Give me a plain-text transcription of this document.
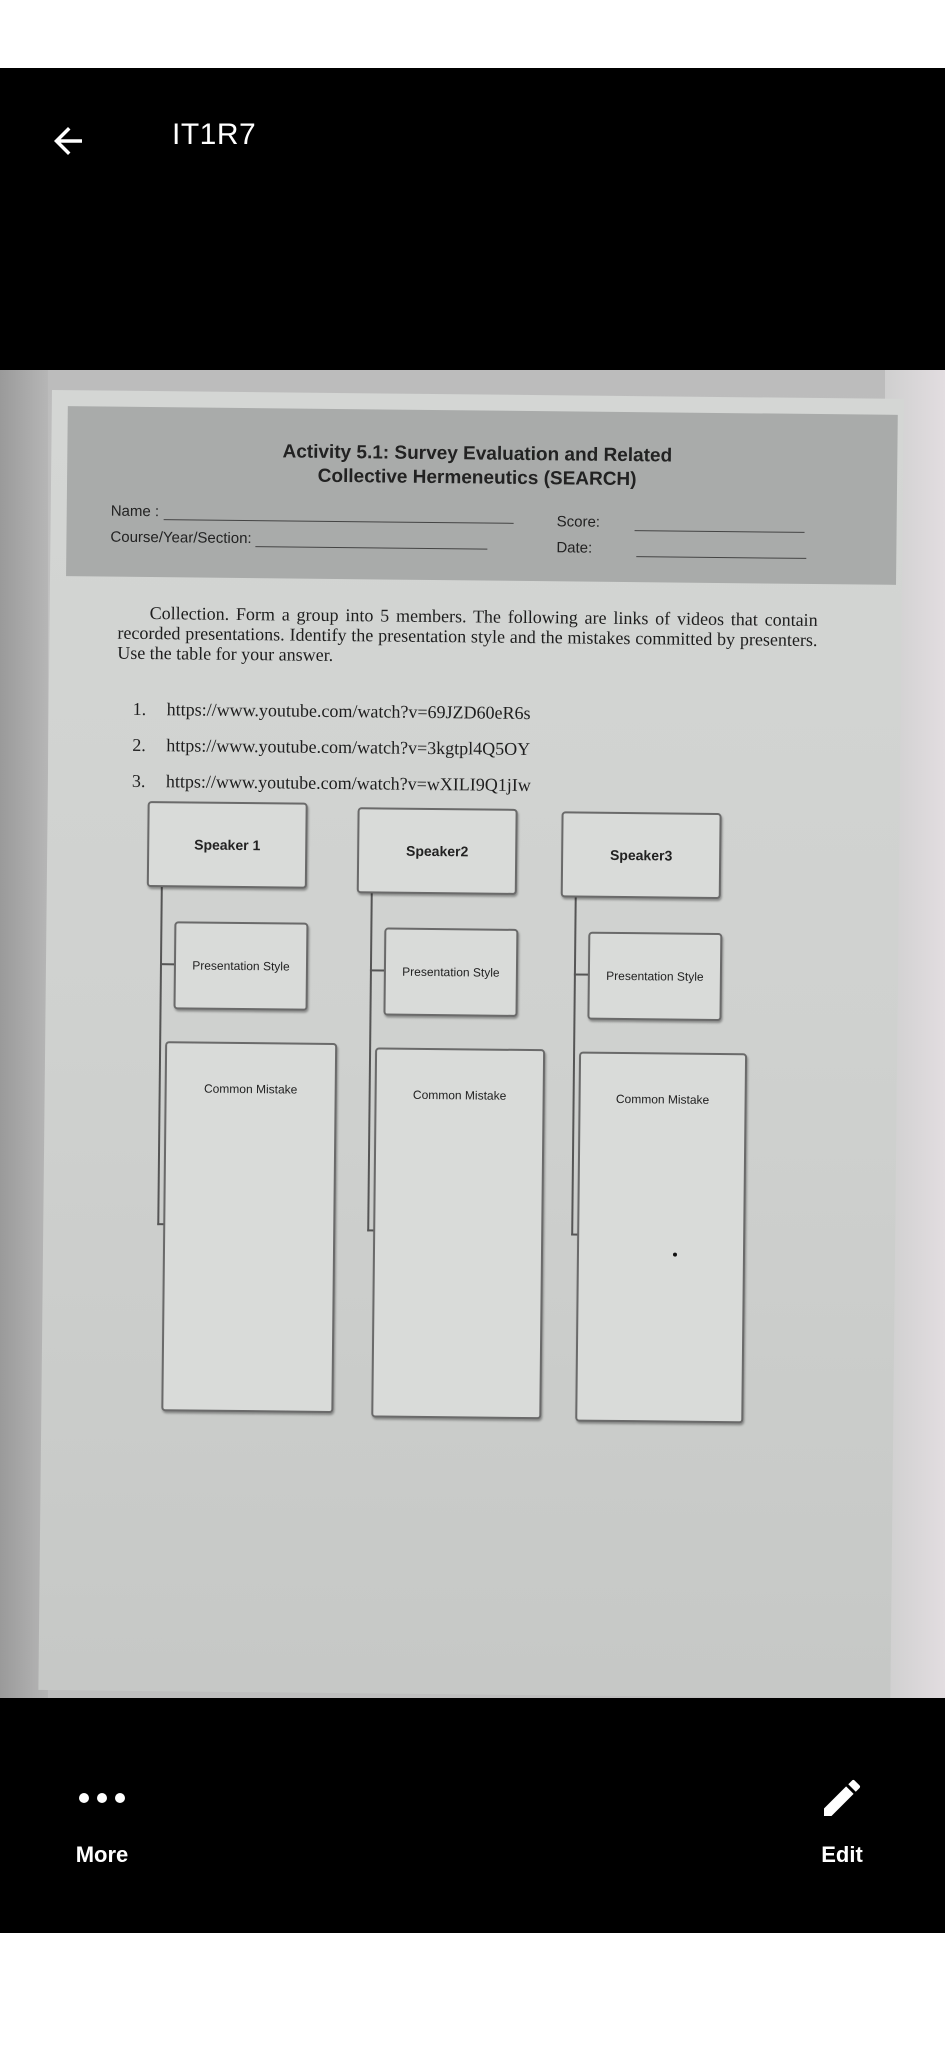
IT1R7
Activity 5.1: Survey Evaluation and Related
Collective Hermeneutics (SEARCH)
Name :
Course/Year/Section:
Score:
Date:
Collection. Form a group into 5 members. The following are links of videos that contain recorded presentations. Identify the presentation style and the mistakes committed by presenters. Use the table for your answer.
1.	https://www.youtube.com/watch?v=69JZD60eR6s
2.	https://www.youtube.com/watch?v=3kgtpl4Q5OY
3.	https://www.youtube.com/watch?v=wXILI9Q1jIw
Speaker 1
Presentation Style
Common Mistake
Speaker2
Presentation Style
Common Mistake
Speaker3
Presentation Style
Common Mistake
More	Edit
